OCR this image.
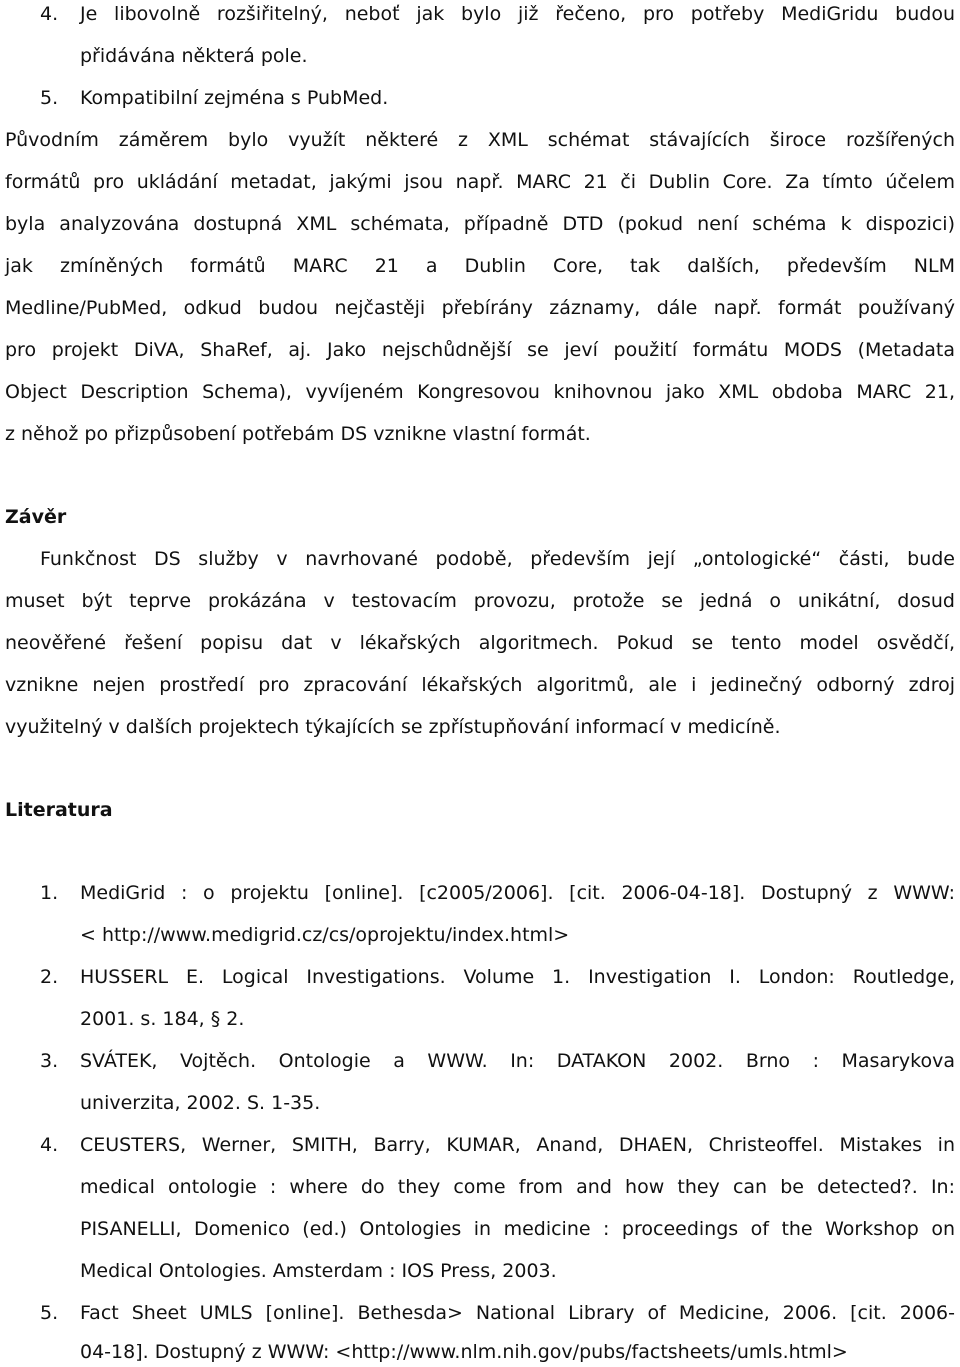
4. Je libovolně rozšiřitelný, neboť jak bylo již řečeno, pro potřeby MediGridu budou
přidávána některá pole.
5. Kompatibilní zejména s PubMed.
Původním záměrem bylo využít některé z XML schémat stávajících široce rozšířených
formátů pro ukládání metadat, jakými jsou např. MARC 21 či Dublin Core. Za tímto účelem
byla analyzována dostupná XML schémata, případně DTD (pokud není schéma k dispozici)
jak zmíněných formátů MARC 21 a Dublin Core, tak dalších, především NLM
Medline/PubMed, odkud budou nejčastěji přebírány záznamy, dále např. formát používaný
pro projekt DiVA, ShaRef, aj. Jako nejschůdnější se jeví použití formátu MODS (Metadata
Object Description Schema), vyvíjeném Kongresovou knihovnou jako XML obdoba MARC 21,
z něhož po přizpůsobení potřebám DS vznikne vlastní formát.
Závěr
Funkčnost DS služby v navrhované podobě, především její „ontologické“ části, bude
muset být teprve prokázána v testovacím provozu, protože se jedná o unikátní, dosud
neověřené řešení popisu dat v lékařských algoritmech. Pokud se tento model osvědčí,
vznikne nejen prostředí pro zpracování lékařských algoritmů, ale i jedinečný odborný zdroj
využitelný v dalších projektech týkajících se zpřístupňování informací v medicíně.
Literatura
1. MediGrid : o projektu [online]. [c2005/2006]. [cit. 2006-04-18]. Dostupný z WWW:
< http://www.medigrid.cz/cs/oprojektu/index.html>
2. HUSSERL E. Logical Investigations. Volume 1. Investigation I. London: Routledge,
2001. s. 184, § 2.
3. SVÁTEK, Vojtěch. Ontologie a WWW. In: DATAKON 2002. Brno : Masarykova
univerzita, 2002. S. 1-35.
4. CEUSTERS, Werner, SMITH, Barry, KUMAR, Anand, DHAEN, Christeoffel. Mistakes in
medical ontologie : where do they come from and how they can be detected?. In:
PISANELLI, Domenico (ed.) Ontologies in medicine : proceedings of the Workshop on
Medical Ontologies. Amsterdam : IOS Press, 2003.
5. Fact Sheet UMLS [online]. Bethesda> National Library of Medicine, 2006. [cit. 2006-
04-18]. Dostupný z WWW: <http://www.nlm.nih.gov/pubs/factsheets/umls.html>
